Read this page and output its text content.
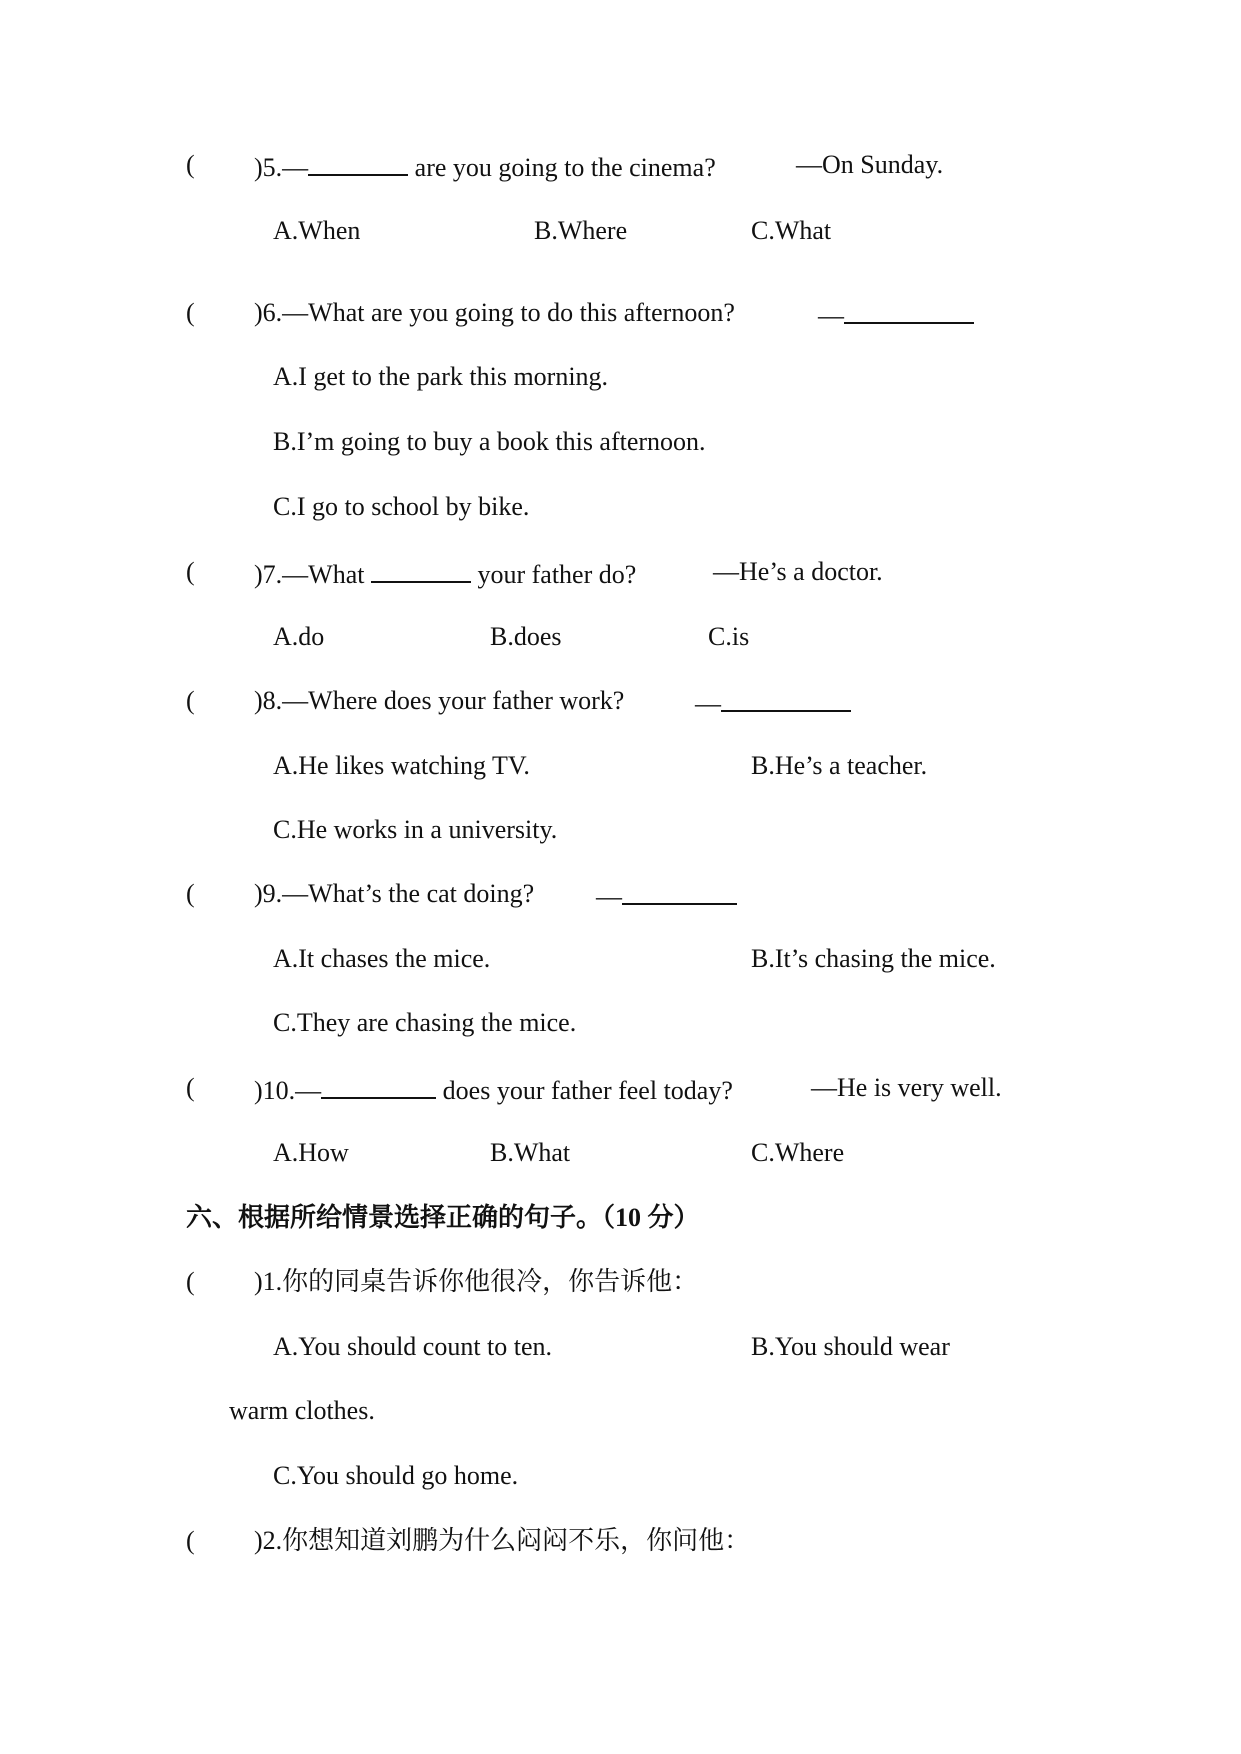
( )5.—	are you going to the cinema?	—On Sunday.
A.When	B.Where	C.What
( )6.—What are you going to do this afternoon?	—
A.I get to the park this morning.
B.I’m going to buy a book this afternoon.
C.I go to school by bike.
( )7.—What	your father do?	—He’s a doctor.
A.do	B.does	C.is
( )8.—Where does your father work?	—
A.He likes watching TV.	B.He’s a teacher.
C.He works in a university.
( )9.—What’s the cat doing? —
A.It chases the mice.	B.It’s chasing the mice.
C.They are chasing the mice.
( )10.—	does your father feel today?	—He is very well.
A.How	B.What	C.Where
六、根据所给情景选择正确的句子。（10 分）
( )1.你的同桌告诉你他很冷，你告诉他：
A.You should count to ten.	B.You should wear
warm clothes.
C.You should go home.
( )2.你想知道刘鹏为什么闷闷不乐，你问他：
